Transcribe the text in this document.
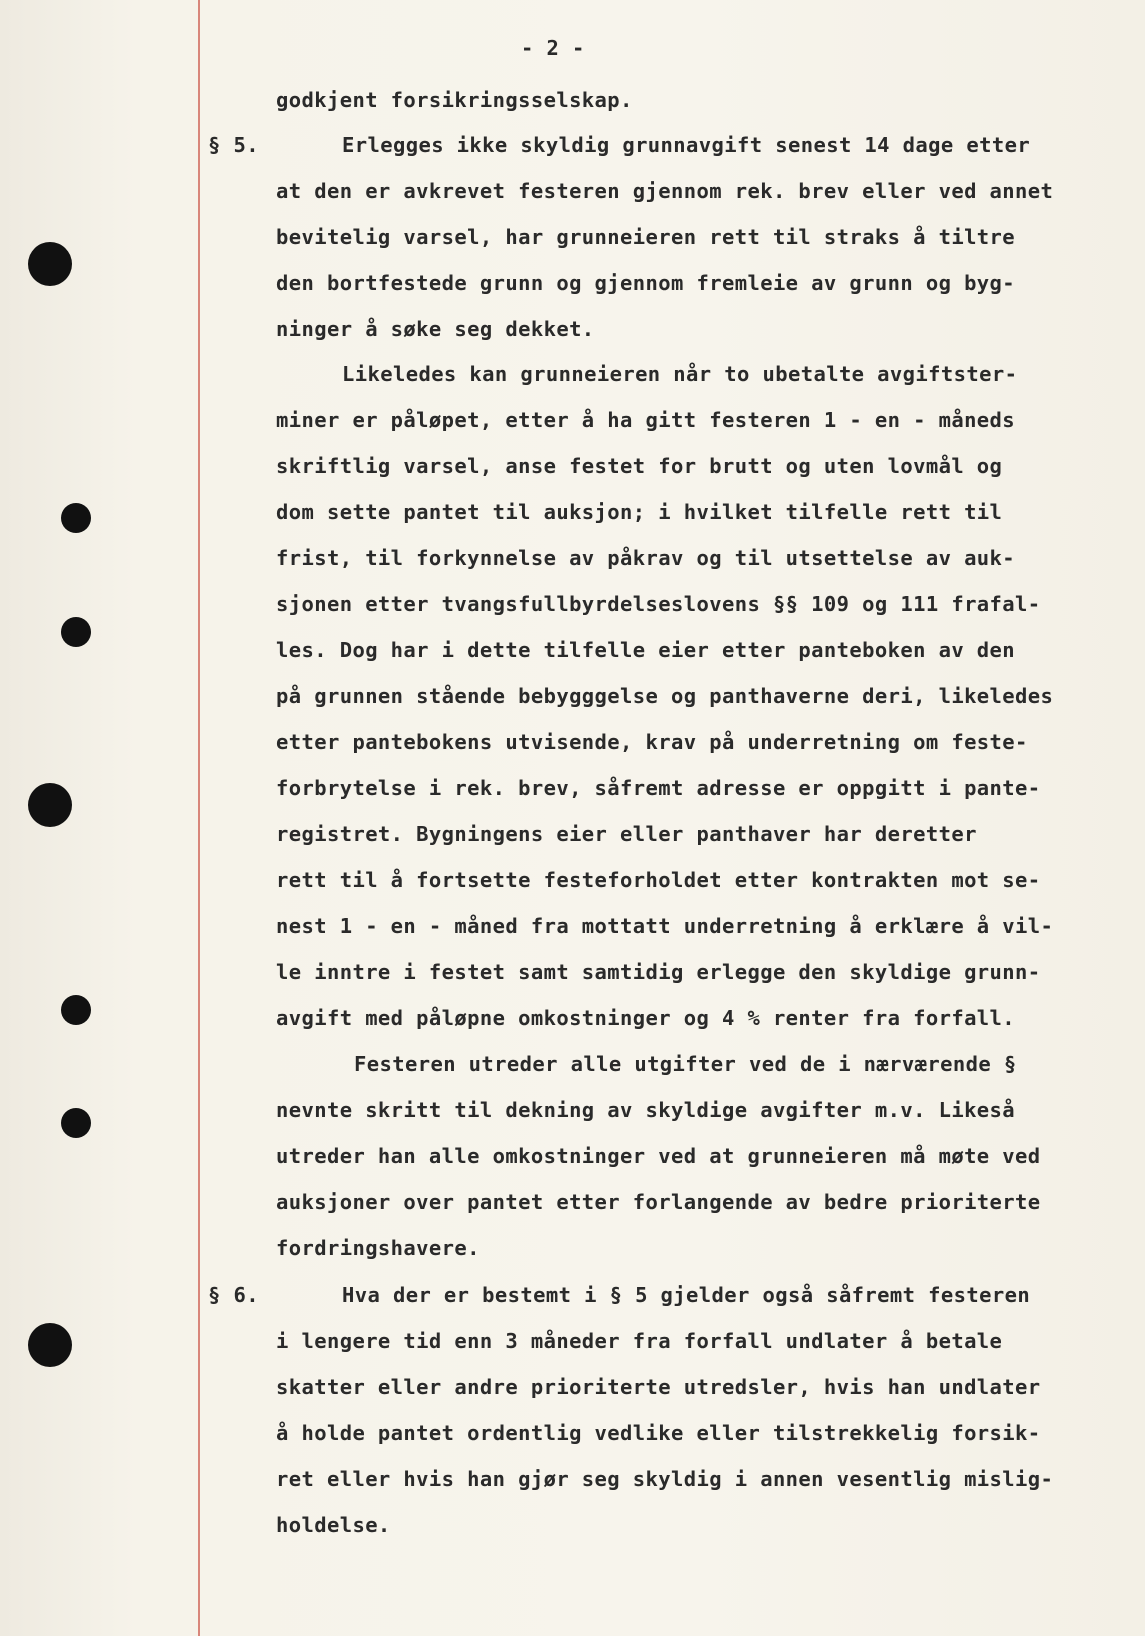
- 2 -
godkjent forsikringsselskap.
§ 5.	Erlegges ikke skyldig grunnavgift senest 14 dage etter
at den er avkrevet festeren gjennom rek. brev eller ved annet
bevitelig varsel, har grunneieren rett til straks å tiltre
den bortfestede grunn og gjennom fremleie av grunn og byg-
ninger å søke seg dekket.
Likeledes kan grunneieren når to ubetalte avgiftster-
miner er påløpet, etter å ha gitt festeren 1 - en - måneds
skriftlig varsel, anse festet for brutt og uten lovmål og
dom sette pantet til auksjon; i hvilket tilfelle rett til
frist, til forkynnelse av påkrav og til utsettelse av auk-
sjonen etter tvangsfullbyrdelseslovens §§ 109 og 111 frafal-
les. Dog har i dette tilfelle eier etter panteboken av den
på grunnen stående bebygggelse og panthaverne deri, likeledes
etter pantebokens utvisende, krav på underretning om feste-
forbrytelse i rek. brev, såfremt adresse er oppgitt i pante-
registret. Bygningens eier eller panthaver har deretter
rett til å fortsette festeforholdet etter kontrakten mot se-
nest 1 - en - måned fra mottatt underretning å erklære å vil-
le inntre i festet samt samtidig erlegge den skyldige grunn-
avgift med påløpne omkostninger og 4 % renter fra forfall.
Festeren utreder alle utgifter ved de i nærværende §
nevnte skritt til dekning av skyldige avgifter m.v. Likeså
utreder han alle omkostninger ved at grunneieren må møte ved
auksjoner over pantet etter forlangende av bedre prioriterte
fordringshavere.
§ 6.	Hva der er bestemt i § 5 gjelder også såfremt festeren
i lengere tid enn 3 måneder fra forfall undlater å betale
skatter eller andre prioriterte utredsler, hvis han undlater
å holde pantet ordentlig vedlike eller tilstrekkelig forsik-
ret eller hvis han gjør seg skyldig i annen vesentlig mislig-
holdelse.
